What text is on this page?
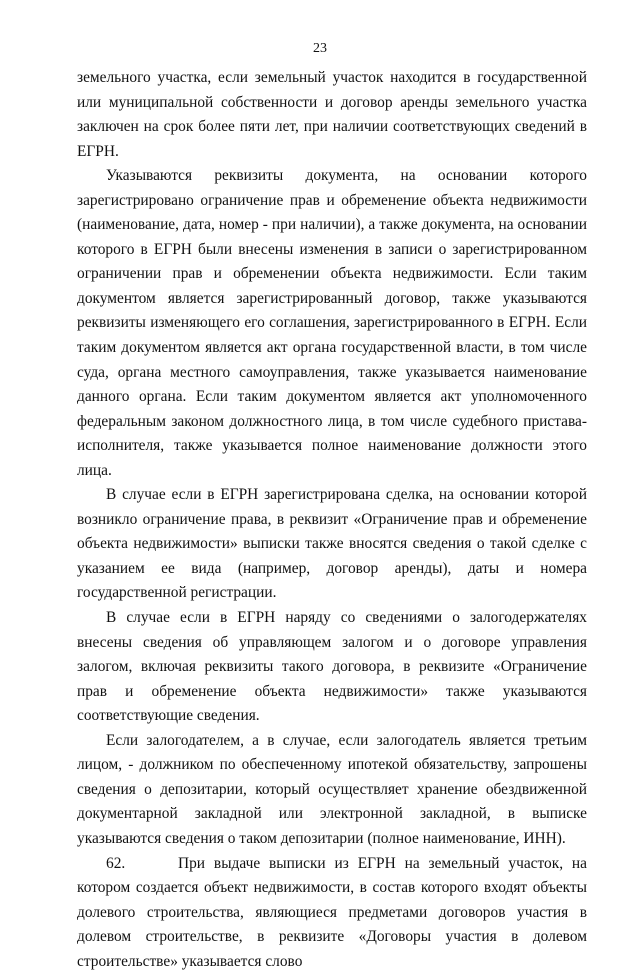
23

земельного участка, если земельный участок находится в государственной или муниципальной собственности и договор аренды земельного участка заключен на срок более пяти лет, при наличии соответствующих сведений в ЕГРН.

Указываются реквизиты документа, на основании которого зарегистрировано ограничение прав и обременение объекта недвижимости (наименование, дата, номер - при наличии), а также документа, на основании которого в ЕГРН были внесены изменения в записи о зарегистрированном ограничении прав и обременении объекта недвижимости. Если таким документом является зарегистрированный договор, также указываются реквизиты изменяющего его соглашения, зарегистрированного в ЕГРН. Если таким документом является акт органа государственной власти, в том числе суда, органа местного самоуправления, также указывается наименование данного органа. Если таким документом является акт уполномоченного федеральным законом должностного лица, в том числе судебного пристава-исполнителя, также указывается полное наименование должности этого лица.

В случае если в ЕГРН зарегистрирована сделка, на основании которой возникло ограничение права, в реквизит «Ограничение прав и обременение объекта недвижимости» выписки также вносятся сведения о такой сделке с указанием ее вида (например, договор аренды), даты и номера государственной регистрации.

В случае если в ЕГРН наряду со сведениями о залогодержателях внесены сведения об управляющем залогом и о договоре управления залогом, включая реквизиты такого договора, в реквизите «Ограничение прав и обременение объекта недвижимости» также указываются соответствующие сведения.

Если залогодателем, а в случае, если залогодатель является третьим лицом, - должником по обеспеченному ипотекой обязательству, запрошены сведения о депозитарии, который осуществляет хранение обездвиженной документарной закладной или электронной закладной, в выписке указываются сведения о таком депозитарии (полное наименование, ИНН).

62.	При выдаче выписки из ЕГРН на земельный участок, на котором создается объект недвижимости, в состав которого входят объекты долевого строительства, являющиеся предметами договоров участия в долевом строительстве, в реквизите «Договоры участия в долевом строительстве» указывается слово
